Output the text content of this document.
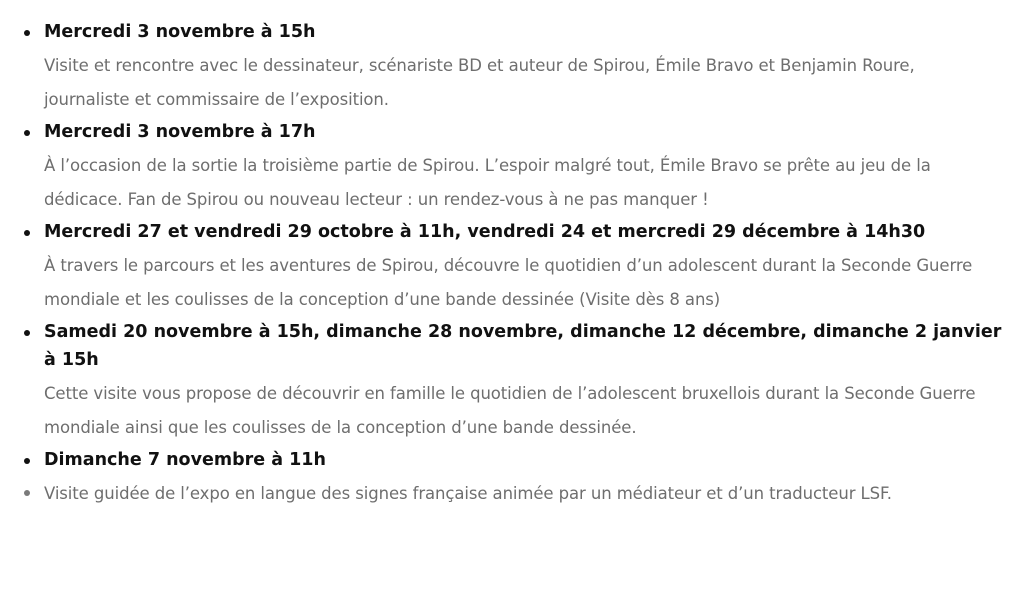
Mercredi 3 novembre à 15h
Visite et rencontre avec le dessinateur, scénariste BD et auteur de Spirou, Émile Bravo et Benjamin Roure, journaliste et commissaire de l’exposition.
Mercredi 3 novembre à 17h
À l’occasion de la sortie la troisième partie de Spirou. L’espoir malgré tout, Émile Bravo se prête au jeu de la dédicace. Fan de Spirou ou nouveau lecteur : un rendez-vous à ne pas manquer !
Mercredi 27 et vendredi 29 octobre à 11h, vendredi 24 et mercredi 29 décembre à 14h30
À travers le parcours et les aventures de Spirou, découvre le quotidien d’un adolescent durant la Seconde Guerre mondiale et les coulisses de la conception d’une bande dessinée (Visite dès 8 ans)
Samedi 20 novembre à 15h, dimanche 28 novembre, dimanche 12 décembre, dimanche 2 janvier à 15h
Cette visite vous propose de découvrir en famille le quotidien de l’adolescent bruxellois durant la Seconde Guerre mondiale ainsi que les coulisses de la conception d’une bande dessinée.
Dimanche 7 novembre à 11h
Visite guidée de l’expo en langue des signes française animée par un médiateur et d’un traducteur LSF.
